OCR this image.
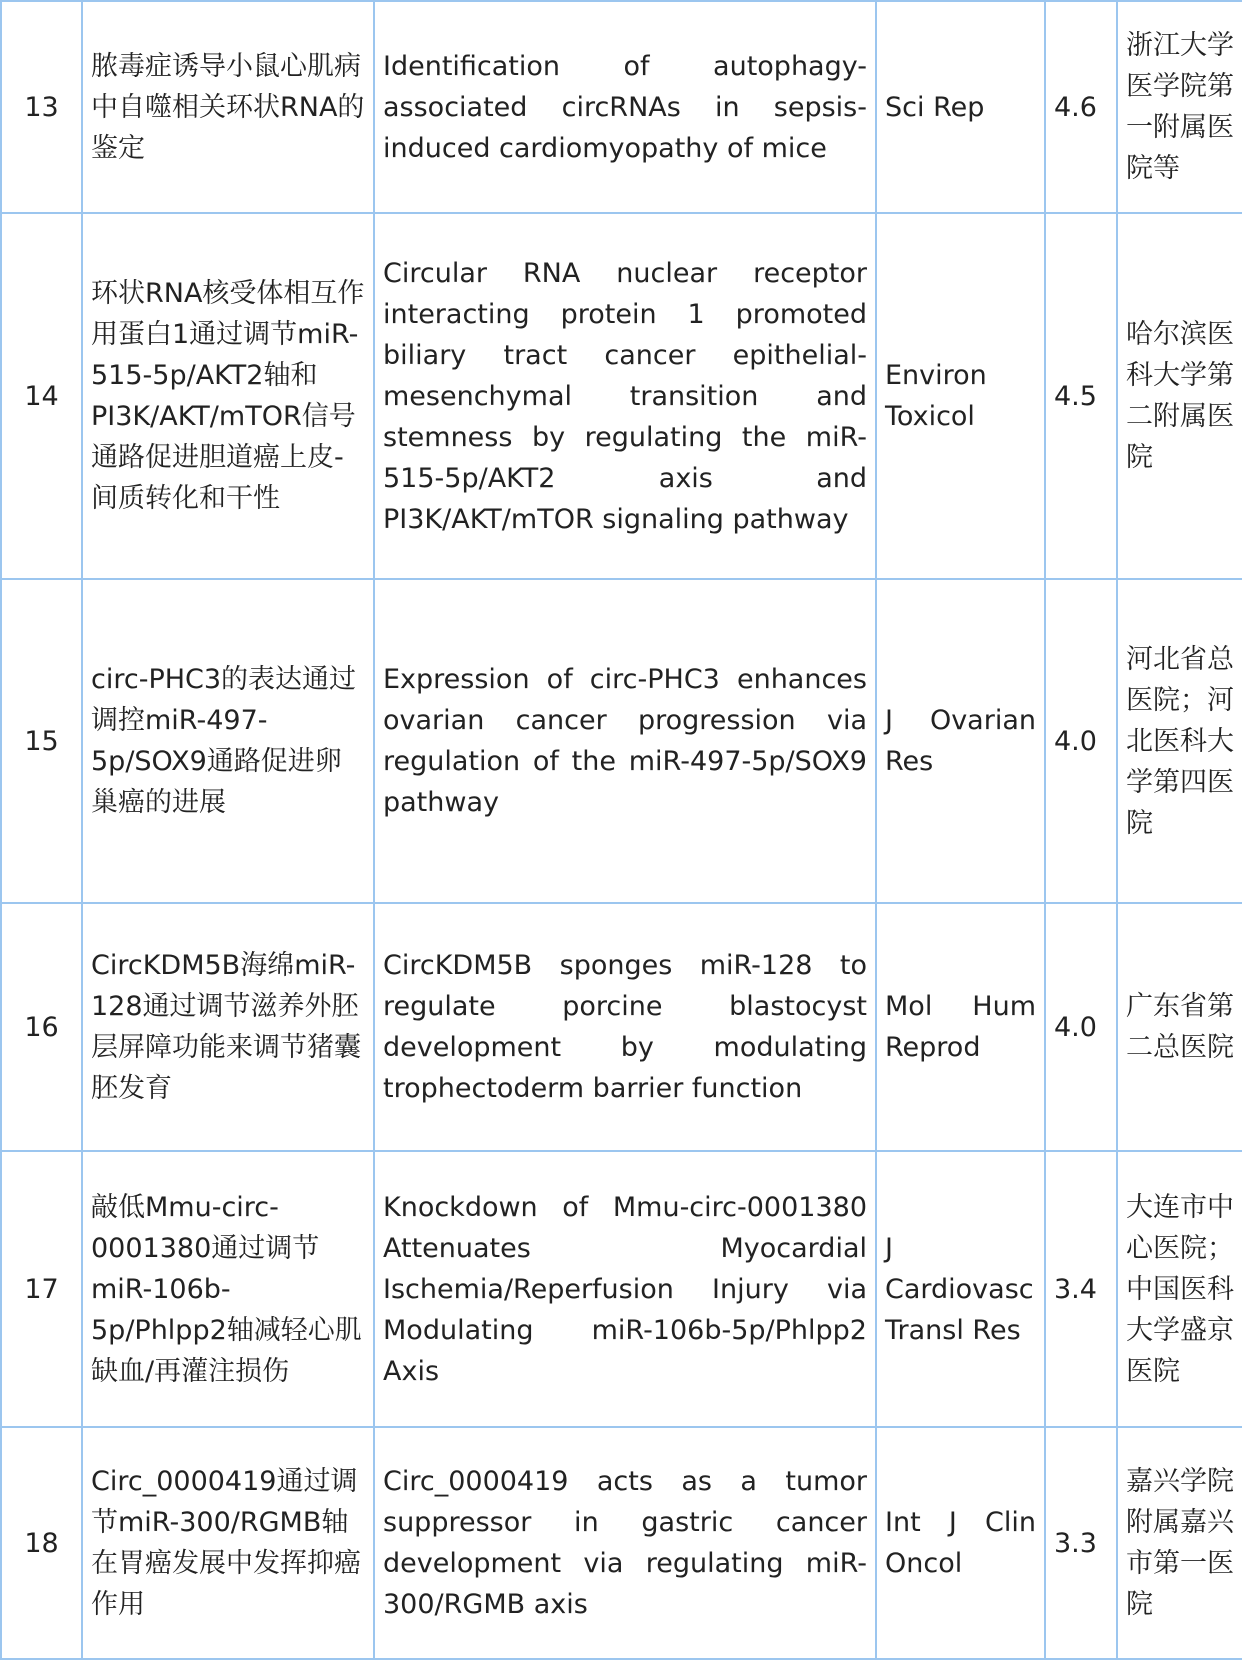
13	脓毒症诱导小鼠心肌病中自噬相关环状RNA的鉴定	Identification of autophagy-associated circRNAs in sepsis-induced cardiomyopathy of mice	Sci Rep	4.6	浙江大学医学院第一附属医院等
14	环状RNA核受体相互作用蛋白1通过调节miR-515-5p/AKT2轴和PI3K/AKT/mTOR信号通路促进胆道癌上皮-间质转化和干性	Circular RNA nuclear receptor interacting protein 1 promoted biliary tract cancer epithelial-mesenchymal transition and stemness by regulating the miR-515-5p/AKT2 axis and PI3K/AKT/mTOR signaling pathway	Environ Toxicol	4.5	哈尔滨医科大学第二附属医院
15	circ-PHC3的表达通过调控miR-497-5p/SOX9通路促进卵巢癌的进展	Expression of circ-PHC3 enhances ovarian cancer progression via regulation of the miR-497-5p/SOX9 pathway	J Ovarian Res	4.0	河北省总医院；河北医科大学第四医院
16	CircKDM5B海绵miR-128通过调节滋养外胚层屏障功能来调节猪囊胚发育	CircKDM5B sponges miR-128 to regulate porcine blastocyst development by modulating trophectoderm barrier function	Mol Hum Reprod	4.0	广东省第二总医院
17	敲低Mmu-circ-0001380通过调节miR-106b-5p/Phlpp2轴减轻心肌缺血/再灌注损伤	Knockdown of Mmu-circ-0001380 Attenuates Myocardial Ischemia/Reperfusion Injury via Modulating miR-106b-5p/Phlpp2 Axis	J Cardiovasc Transl Res	3.4	大连市中心医院；中国医科大学盛京医院
18	Circ_0000419通过调节miR-300/RGMB轴在胃癌发展中发挥抑癌作用	Circ_0000419 acts as a tumor suppressor in gastric cancer development via regulating miR-300/RGMB axis	Int J Clin Oncol	3.3	嘉兴学院附属嘉兴市第一医院
